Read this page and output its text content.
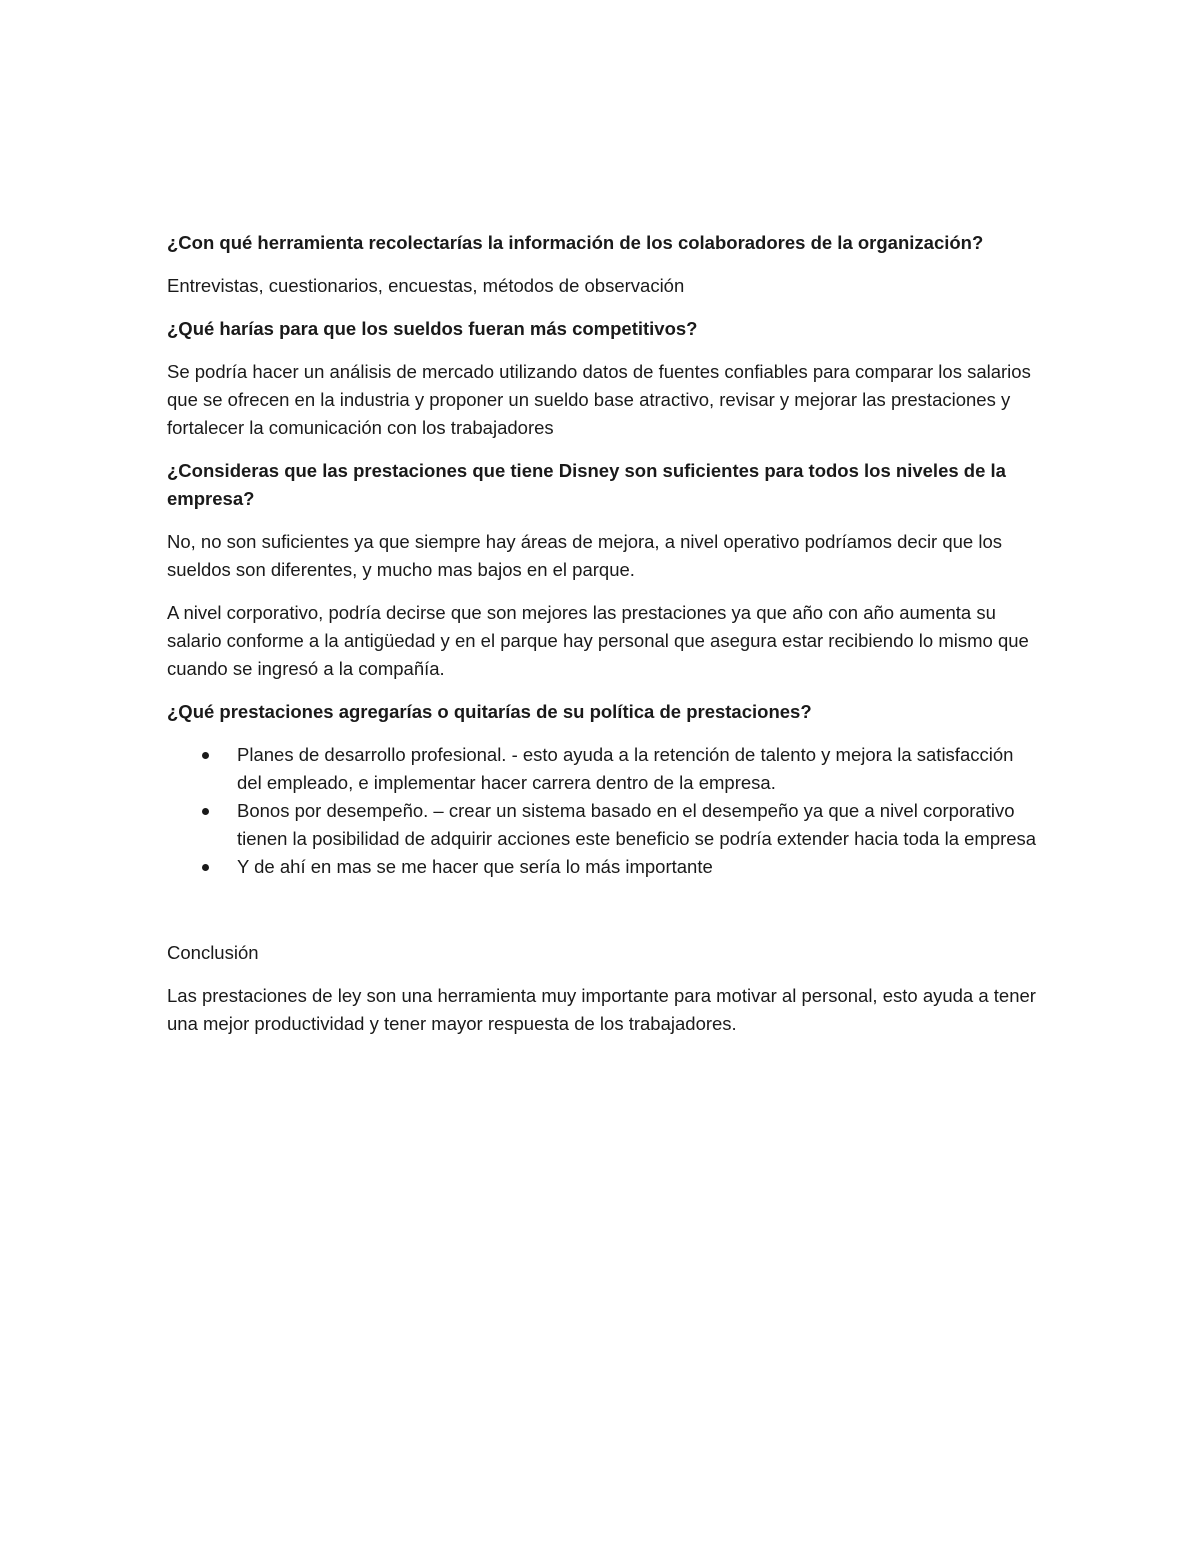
¿Con qué herramienta recolectarías la información de los colaboradores de la organización?

Entrevistas, cuestionarios, encuestas, métodos de observación

¿Qué harías para que los sueldos fueran más competitivos?

Se podría hacer un análisis de mercado utilizando datos de fuentes confiables para comparar los salarios que se ofrecen en la industria y proponer un sueldo base atractivo, revisar y mejorar las prestaciones y fortalecer la comunicación con los trabajadores

¿Consideras que las prestaciones que tiene Disney son suficientes para todos los niveles de la empresa?

No, no son suficientes ya que siempre hay áreas de mejora, a nivel operativo podríamos decir que los sueldos son diferentes, y mucho mas bajos en el parque.

A nivel corporativo, podría decirse que son mejores las prestaciones ya que año con año aumenta su salario conforme a la antigüedad y en el parque hay personal que asegura estar recibiendo lo mismo que cuando se ingresó a la compañía.

¿Qué prestaciones agregarías o quitarías de su política de prestaciones?

Planes de desarrollo profesional. - esto ayuda a la retención de talento y mejora la satisfacción del empleado, e implementar hacer carrera dentro de la empresa.
Bonos por desempeño. – crear un sistema basado en el desempeño ya que a nivel corporativo tienen la posibilidad de adquirir acciones este beneficio se podría extender hacia toda la empresa
Y de ahí en mas se me hacer que sería lo más importante

Conclusión

Las prestaciones de ley son una herramienta muy importante para motivar al personal, esto ayuda a tener una mejor productividad y tener mayor respuesta de los trabajadores.
